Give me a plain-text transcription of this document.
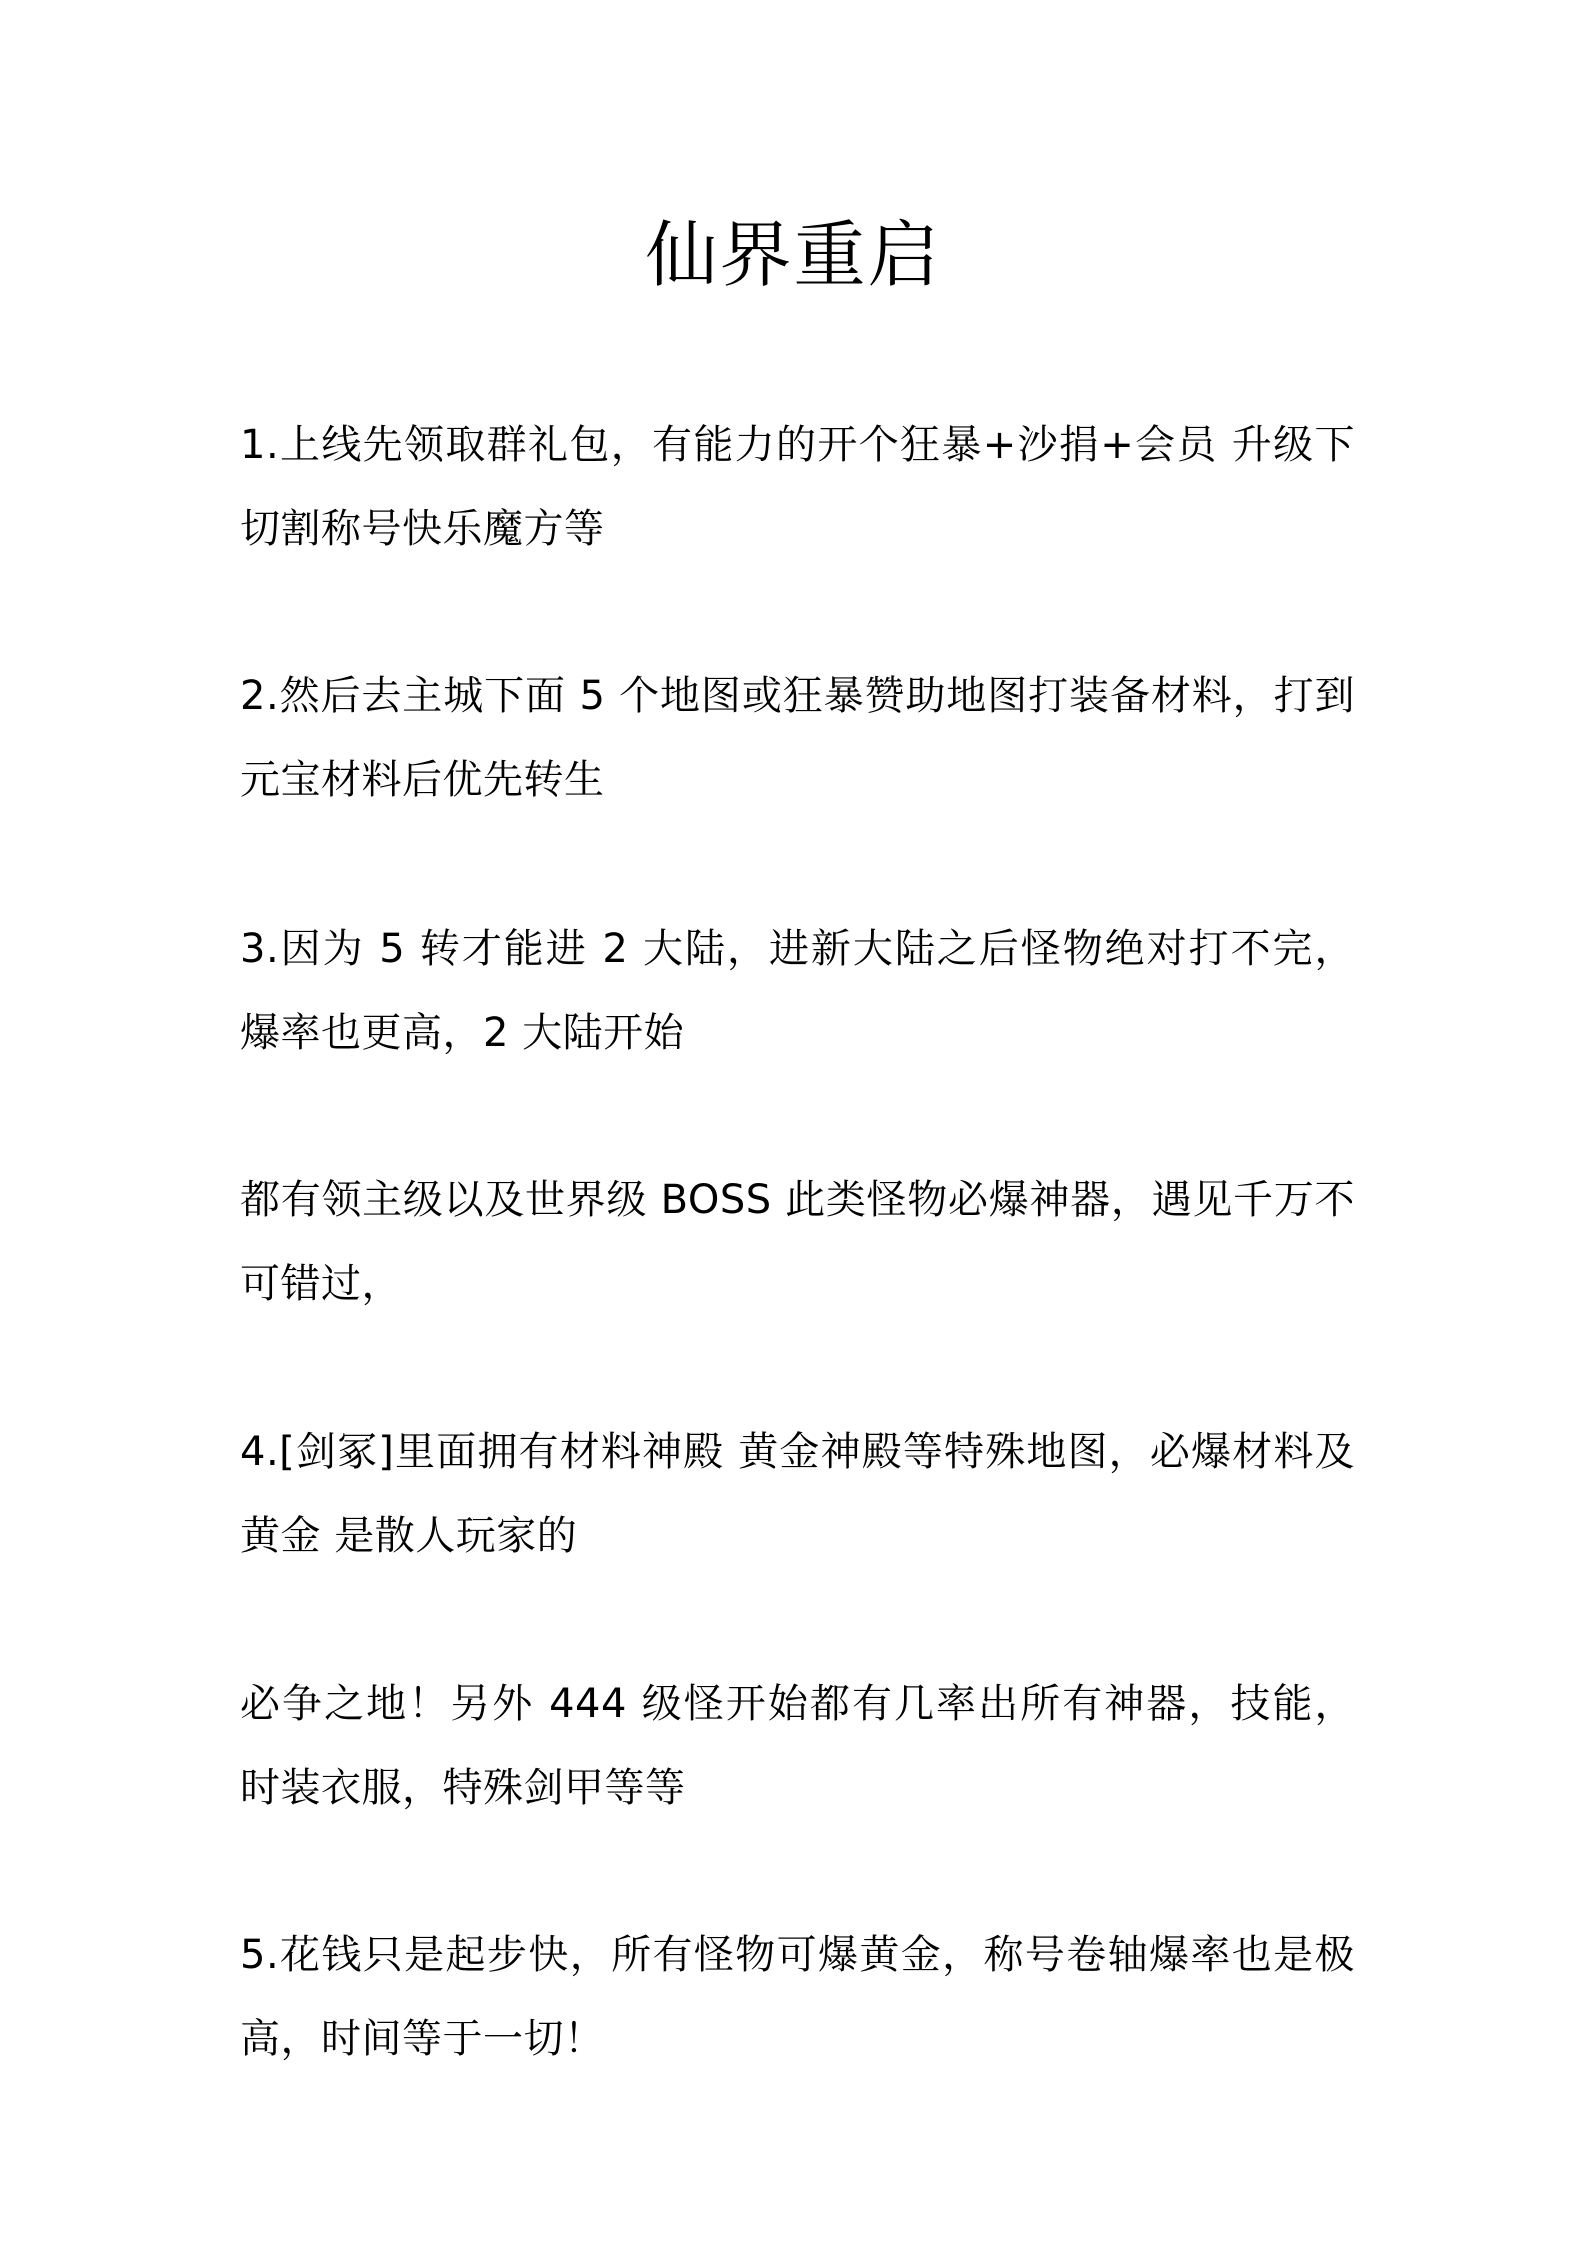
仙界重启

1.上线先领取群礼包，有能力的开个狂暴+沙捐+会员 升级下切割称号快乐魔方等

2.然后去主城下面 5 个地图或狂暴赞助地图打装备材料，打到元宝材料后优先转生

3.因为 5 转才能进 2 大陆，进新大陆之后怪物绝对打不完，爆率也更高，2 大陆开始

都有领主级以及世界级 BOSS 此类怪物必爆神器，遇见千万不可错过，

4.[剑冢]里面拥有材料神殿 黄金神殿等特殊地图，必爆材料及黄金 是散人玩家的

必争之地！另外 444 级怪开始都有几率出所有神器，技能，时装衣服，特殊剑甲等等

5.花钱只是起步快，所有怪物可爆黄金，称号卷轴爆率也是极高，时间等于一切！
